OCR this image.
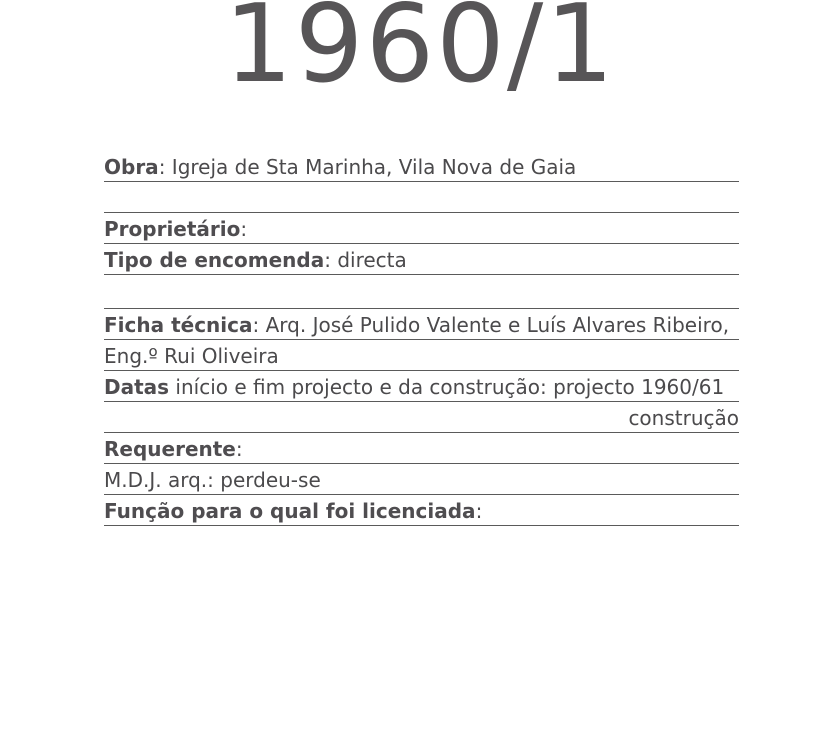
1960/1
Obra: Igreja de Sta Marinha, Vila Nova de Gaia
Proprietário:
Tipo de encomenda: directa
Ficha técnica: Arq. José Pulido Valente e Luís Alvares Ribeiro,
Eng.º Rui Oliveira
Datas início e fim projecto e da construção: projecto 1960/61
construção
Requerente:
M.D.J. arq.: perdeu-se
Função para o qual foi licenciada:
